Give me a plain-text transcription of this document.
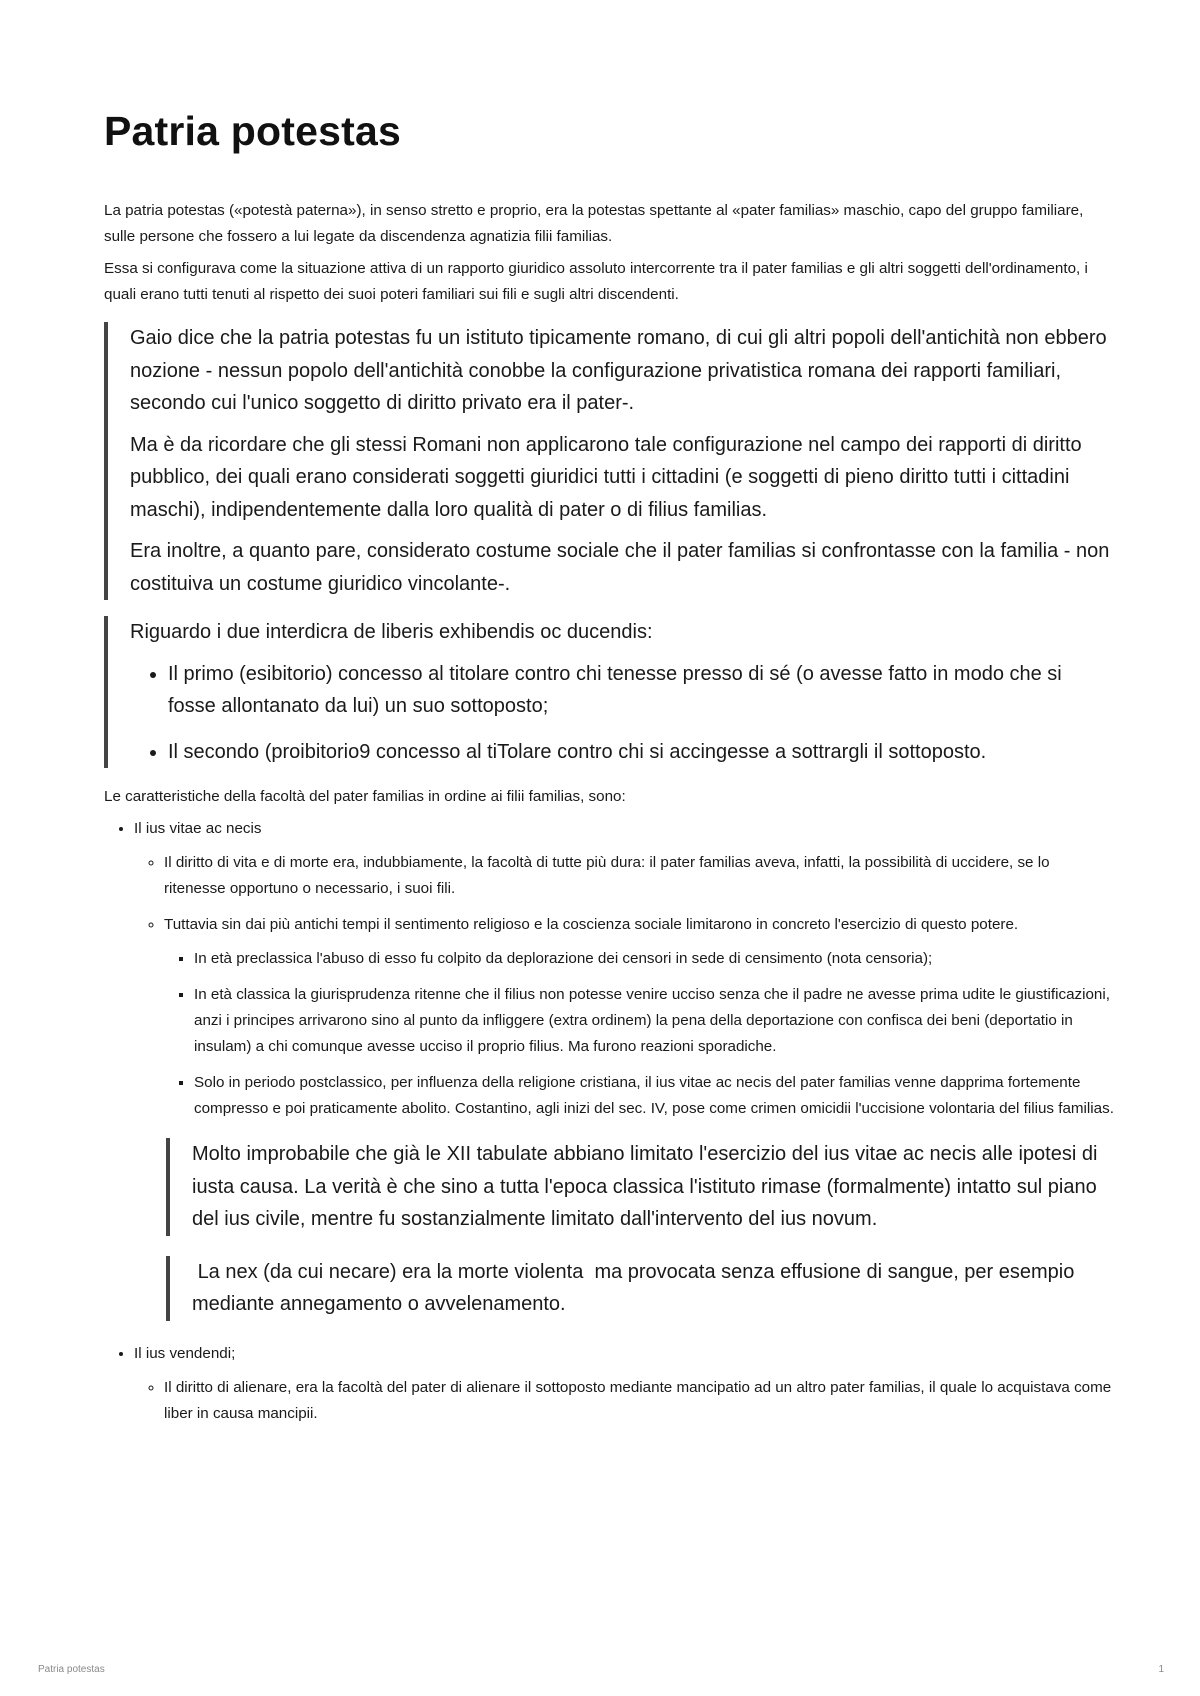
Patria potestas

La patria potestas («potestà paterna»), in senso stretto e proprio, era la potestas spettante al «pater familias» maschio, capo del gruppo familiare, sulle persone che fossero a lui legate da discendenza agnatizia filii familias.

Essa si configurava come la situazione attiva di un rapporto giuridico assoluto intercorrente tra il pater familias e gli altri soggetti dell'ordinamento, i quali erano tutti tenuti al rispetto dei suoi poteri familiari sui fili e sugli altri discendenti.

Gaio dice che la patria potestas fu un istituto tipicamente romano, di cui gli altri popoli dell'antichità non ebbero nozione - nessun popolo dell'antichità conobbe la configurazione privatistica romana dei rapporti familiari, secondo cui l'unico soggetto di diritto privato era il pater-.

Ma è da ricordare che gli stessi Romani non applicarono tale configurazione nel campo dei rapporti di diritto pubblico, dei quali erano considerati soggetti giuridici tutti i cittadini (e soggetti di pieno diritto tutti i cittadini maschi), indipendentemente dalla loro qualità di pater o di filius familias.

Era inoltre, a quanto pare, considerato costume sociale che il pater familias si confrontasse con la familia - non costituiva un costume giuridico vincolante-.

Riguardo i due interdicra de liberis exhibendis oc ducendis:

• Il primo (esibitorio) concesso al titolare contro chi tenesse presso di sé (o avesse fatto in modo che si fosse allontanato da lui) un suo sottoposto;
• Il secondo (proibitorio9 concesso al tiTolare contro chi si accingesse a sottrargli il sottoposto.

Le caratteristiche della facoltà del pater familias in ordine ai filii familias, sono:

• Il ius vitae ac necis
◦ Il diritto di vita e di morte era, indubbiamente, la facoltà di tutte più dura: il pater familias aveva, infatti, la possibilità di uccidere, se lo ritenesse opportuno o necessario, i suoi fili.
◦ Tuttavia sin dai più antichi tempi il sentimento religioso e la coscienza sociale limitarono in concreto l'esercizio di questo potere.
▪ In età preclassica l'abuso di esso fu colpito da deplorazione dei censori in sede di censimento (nota censoria);
▪ In età classica la giurisprudenza ritenne che il filius non potesse venire ucciso senza che il padre ne avesse prima udite le giustificazioni, anzi i principes arrivarono sino al punto da infliggere (extra ordinem) la pena della deportazione con confisca dei beni (deportatio in insulam) a chi comunque avesse ucciso il proprio filius. Ma furono reazioni sporadiche.
▪ Solo in periodo postclassico, per influenza della religione cristiana, il ius vitae ac necis del pater familias venne dapprima fortemente compresso e poi praticamente abolito. Costantino, agli inizi del sec. IV, pose come crimen omicidii l'uccisione volontaria del filius familias.

Molto improbabile che già le XII tabulate abbiano limitato l'esercizio del ius vitae ac necis alle ipotesi di iusta causa. La verità è che sino a tutta l'epoca classica l'istituto rimase (formalmente) intatto sul piano del ius civile, mentre fu sostanzialmente limitato dall'intervento del ius novum.

La nex (da cui necare) era la morte violenta  ma provocata senza effusione di sangue, per esempio mediante annegamento o avvelenamento.

• Il ius vendendi;
◦ Il diritto di alienare, era la facoltà del pater di alienare il sottoposto mediante mancipatio ad un altro pater familias, il quale lo acquistava come liber in causa mancipii.
Patria potestas	1
